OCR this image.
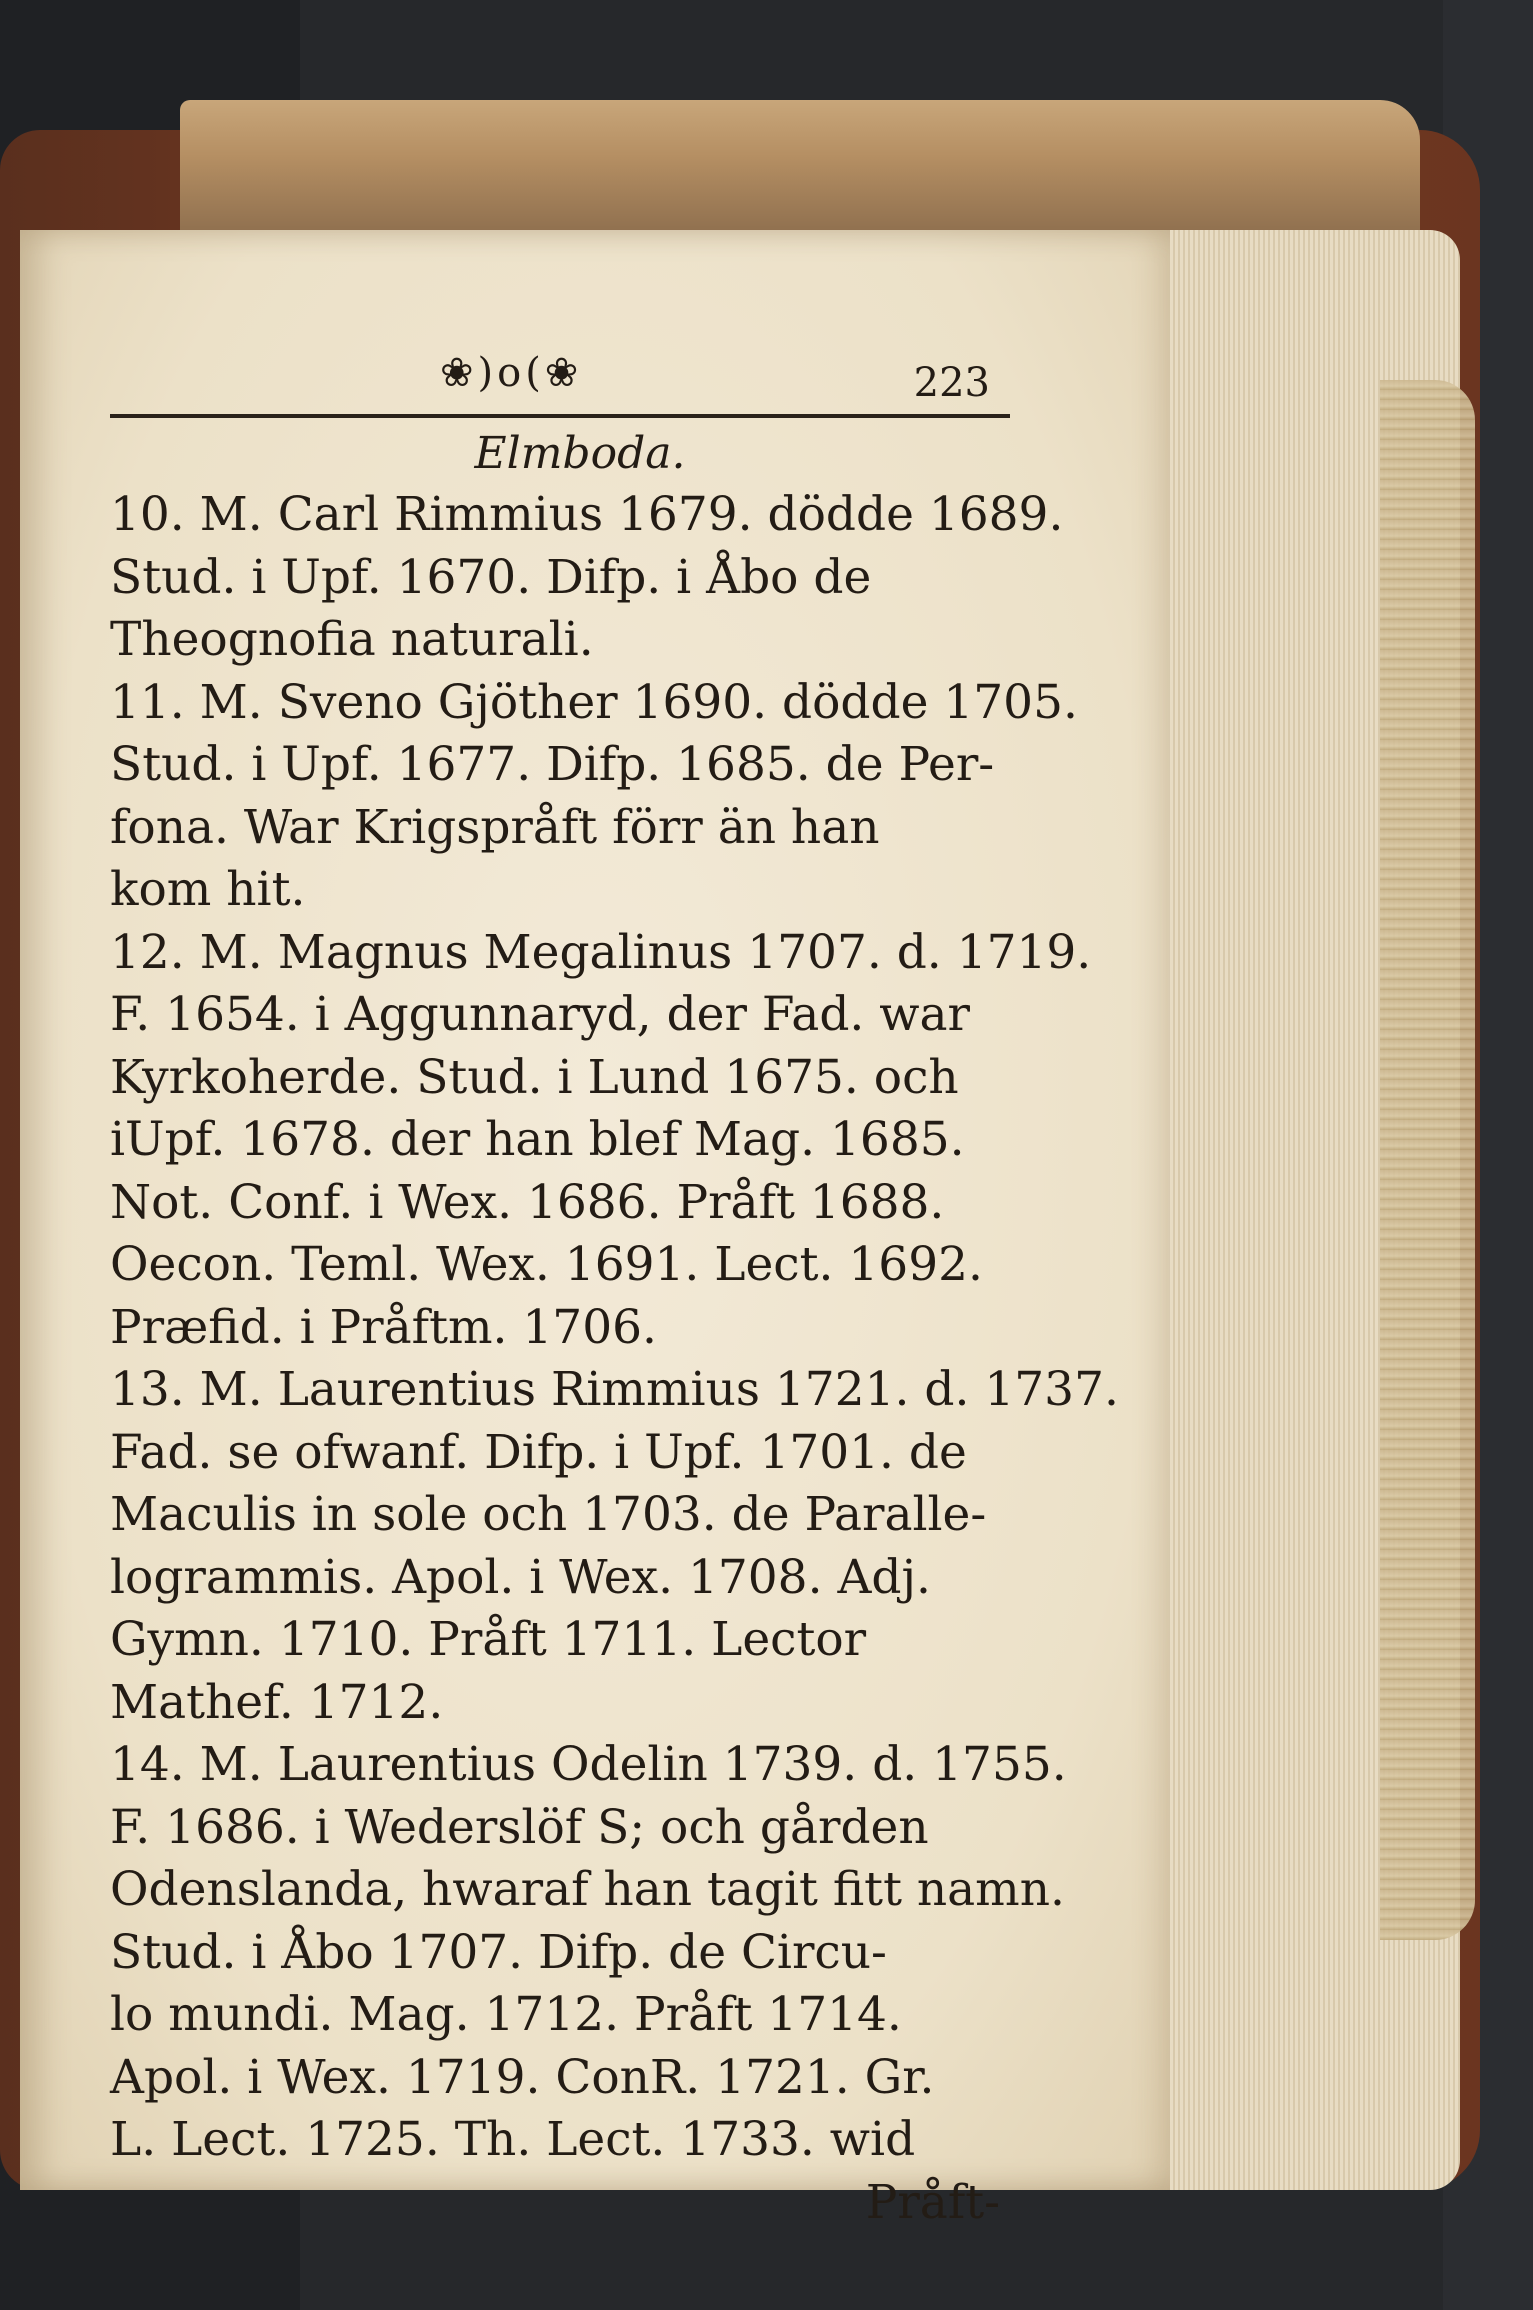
❀)o(❀	223
Elmboda.
10. M. Carl Rimmius 1679. dödde 1689.
Stud. i Upf. 1670. Difp. i Åbo de
Theognofia naturali.
11. M. Sveno Gjöther 1690. dödde 1705.
Stud. i Upf. 1677. Difp. 1685. de Per-
fona. War Krigspråft förr än han
kom hit.
12. M. Magnus Megalinus 1707. d. 1719.
F. 1654. i Aggunnaryd, der Fad. war
Kyrkoherde. Stud. i Lund 1675. och
iUpf. 1678. der han blef Mag. 1685.
Not. Conf. i Wex. 1686. Pråft 1688.
Oecon. Teml. Wex. 1691. Lect. 1692.
Præfid. i Pråftm. 1706.
13. M. Laurentius Rimmius 1721. d. 1737.
Fad. se ofwanf. Difp. i Upf. 1701. de
Maculis in sole och 1703. de Paralle-
logrammis. Apol. i Wex. 1708. Adj.
Gymn. 1710. Pråft 1711. Lector
Mathef. 1712.
14. M. Laurentius Odelin 1739. d. 1755.
F. 1686. i Wederslöf S; och gården
Odenslanda, hwaraf han tagit fitt namn.
Stud. i Åbo 1707. Difp. de Circu-
lo mundi. Mag. 1712. Pråft 1714.
Apol. i Wex. 1719. ConR. 1721. Gr.
L. Lect. 1725. Th. Lect. 1733. wid
Pråft-
